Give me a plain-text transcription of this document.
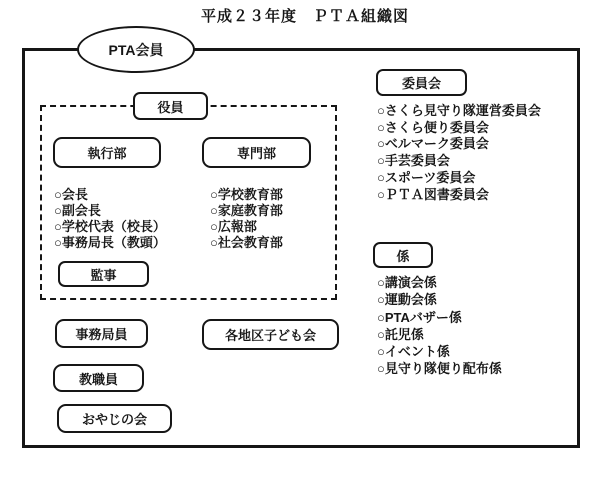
平成２３年度　ＰＴＡ組織図
PTA会員
役員
執行部	専門部
○会長
○副会長
○学校代表（校長）
○事務局長（教頭）
○学校教育部
○家庭教育部
○広報部
○社会教育部
監事
委員会
○さくら見守り隊運営委員会
○さくら便り委員会
○ベルマーク委員会
○手芸委員会
○スポーツ委員会
○ＰＴＡ図書委員会
係
○講演会係
○運動会係
○PTAバザー係
○託児係
○イベント係
○見守り隊便り配布係
事務局員	各地区子ども会
教職員
おやじの会
